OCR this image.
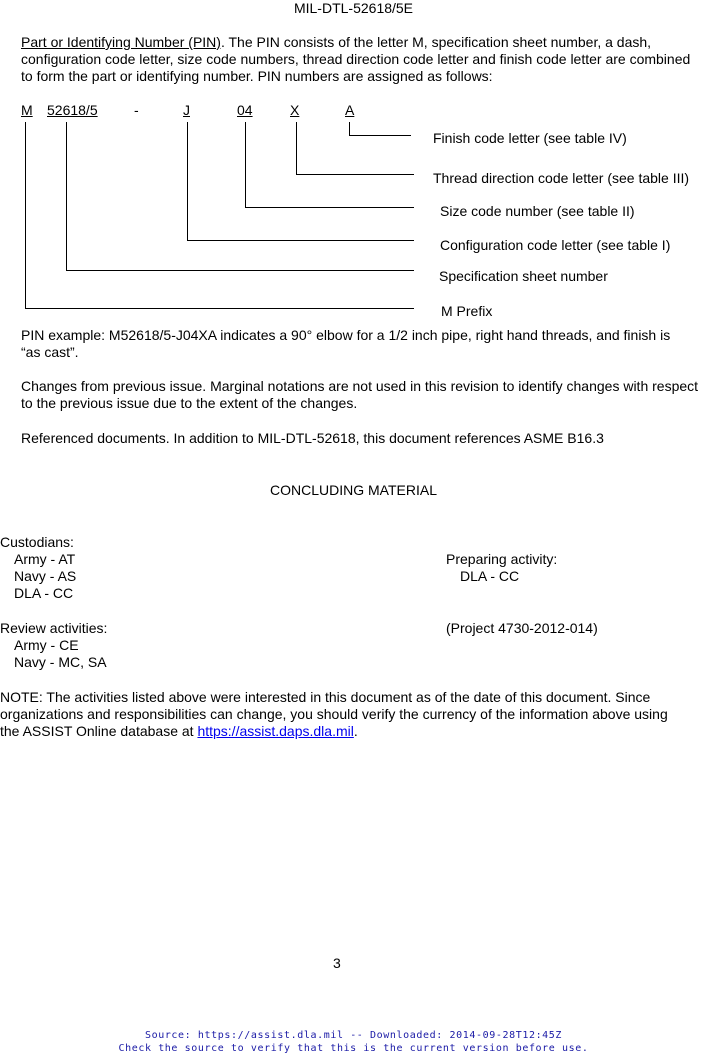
MIL-DTL-52618/5E
Part or Identifying Number (PIN). The PIN consists of the letter M, specification sheet number, a dash, configuration code letter, size code numbers, thread direction code letter and finish code letter are combined to form the part or identifying number. PIN numbers are assigned as follows:
M 52618/5	-	J	04	X	A
Finish code letter (see table IV)
Thread direction code letter (see table III)
Size code number (see table II)
Configuration code letter (see table I)
Specification sheet number
M Prefix
PIN example: M52618/5-J04XA indicates a 90° elbow for a 1/2 inch pipe, right hand threads, and finish is “as cast”.
Changes from previous issue. Marginal notations are not used in this revision to identify changes with respect to the previous issue due to the extent of the changes.
Referenced documents. In addition to MIL-DTL-52618, this document references ASME B16.3
CONCLUDING MATERIAL
Custodians:
Army - AT
Navy - AS
DLA - CC
Preparing activity:
DLA - CC
(Project 4730-2012-014)
Review activities:
Army - CE
Navy - MC, SA
NOTE: The activities listed above were interested in this document as of the date of this document. Since organizations and responsibilities can change, you should verify the currency of the information above using the ASSIST Online database at https://assist.daps.dla.mil.
3
Source: https://assist.dla.mil -- Downloaded: 2014-09-28T12:45Z
Check the source to verify that this is the current version before use.
